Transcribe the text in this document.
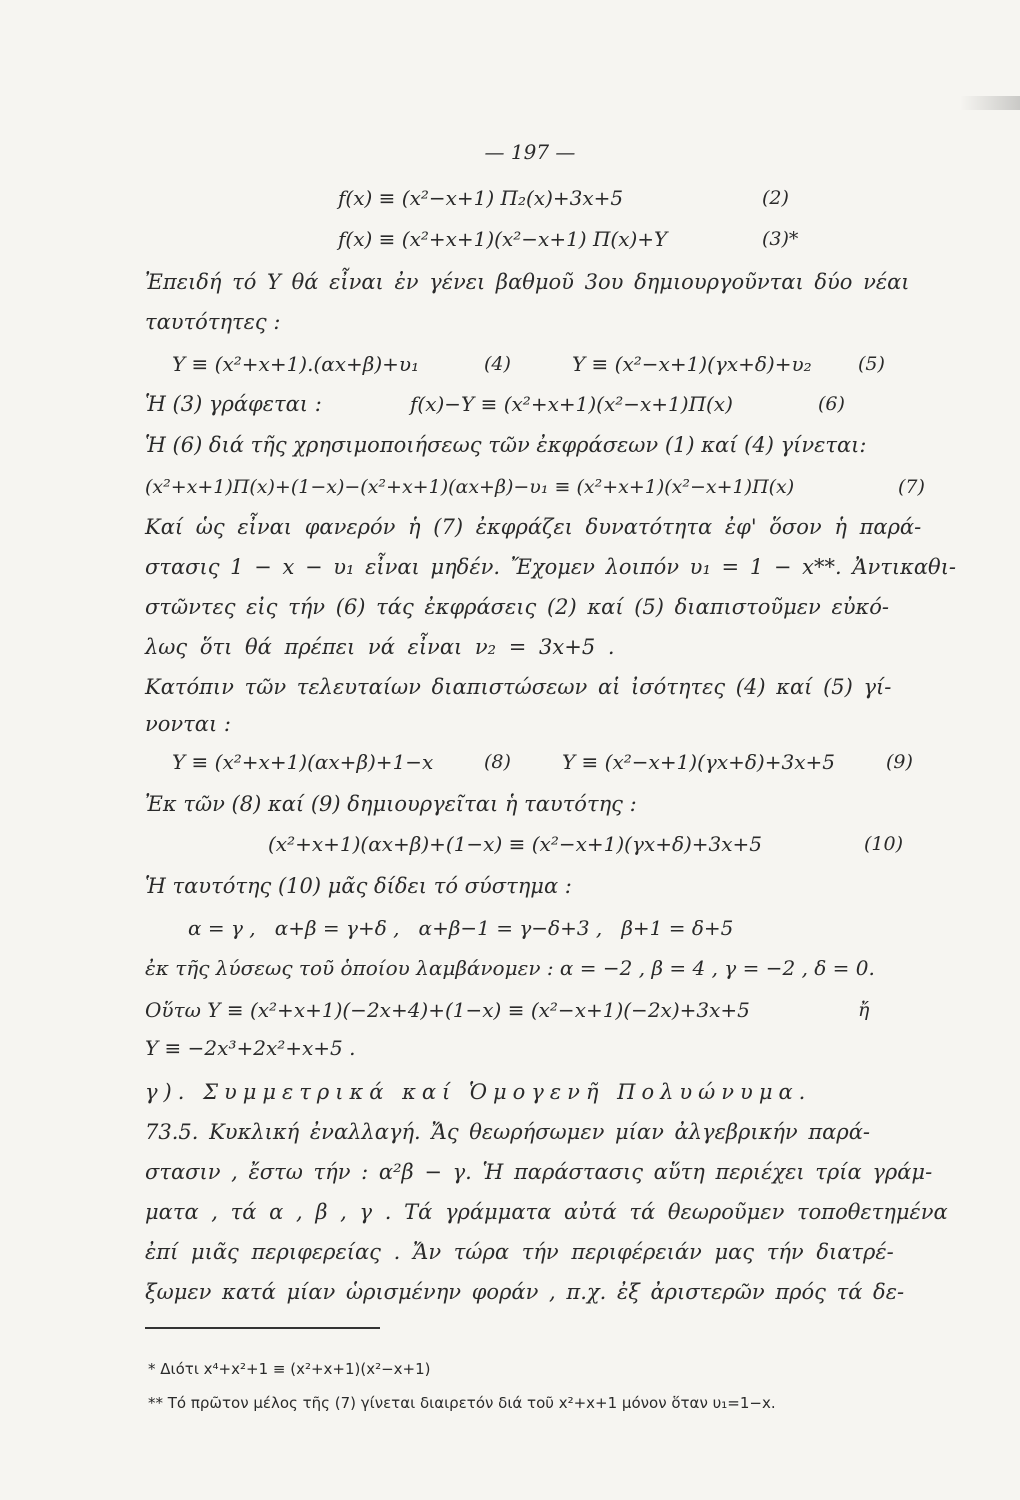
— 197 —
f(x) ≡ (x²−x+1) Π₂(x)+3x+5	(2)
f(x) ≡ (x²+x+1)(x²−x+1) Π(x)+Y	(3)*
Ἐπειδή τό Y θά εἶναι ἐν γένει βαθμοῦ 3ου δημιουργοῦνται δύο νέαι
ταυτότητες :
Y ≡ (x²+x+1).(αx+β)+υ₁	(4)	Y ≡ (x²−x+1)(γx+δ)+υ₂ (5)
Ἡ (3) γράφεται :	f(x)−Y ≡ (x²+x+1)(x²−x+1)Π(x)	(6)
Ἡ (6) διά τῆς χρησιμοποιήσεως τῶν ἐκφράσεων (1) καί (4) γίνεται:
(x²+x+1)Π(x)+(1−x)−(x²+x+1)(αx+β)−υ₁ ≡ (x²+x+1)(x²−x+1)Π(x)	(7)
Καί ὡς εἶναι φανερόν ἡ (7) ἐκφράζει δυνατότητα ἐφ' ὅσον ἡ παρά-
στασις 1 − x − υ₁ εἶναι μηδέν. Ἔχομεν λοιπόν υ₁ = 1 − x**. Ἀντικαθι-
στῶντες εἰς τήν (6) τάς ἐκφράσεις (2) καί (5) διαπιστοῦμεν εὐκό-
λως ὅτι θά πρέπει νά εἶναι ν₂ = 3x+5 .
Κατόπιν τῶν τελευταίων διαπιστώσεων αἱ ἰσότητες (4) καί (5) γί-
νονται :
Y ≡ (x²+x+1)(αx+β)+1−x	(8)	Y ≡ (x²−x+1)(γx+δ)+3x+5	(9)
Ἐκ τῶν (8) καί (9) δημιουργεῖται ἡ ταυτότης :
(x²+x+1)(αx+β)+(1−x) ≡ (x²−x+1)(γx+δ)+3x+5	(10)
Ἡ ταυτότης (10) μᾶς δίδει τό σύστημα :
α = γ ,   α+β = γ+δ ,   α+β−1 = γ−δ+3 ,   β+1 = δ+5
ἐκ τῆς λύσεως τοῦ ὁποίου λαμβάνομεν : α = −2 , β = 4 , γ = −2 , δ = 0.
Οὕτω Y ≡ (x²+x+1)(−2x+4)+(1−x) ≡ (x²−x+1)(−2x)+3x+5	ἤ
Y ≡ −2x³+2x²+x+5 .
γ). Συμμετρικά καί Ὁμογενῆ Πολυώνυμα.
73.5. Κυκλική ἐναλλαγή. Ἄς θεωρήσωμεν μίαν ἀλγεβρικήν παρά-
στασιν , ἔστω τήν : α²β − γ. Ἡ παράστασις αὕτη περιέχει τρία γράμ-
ματα , τά α , β , γ . Τά γράμματα αὐτά τά θεωροῦμεν τοποθετημένα
ἐπί μιᾶς περιφερείας . Ἄν τώρα τήν περιφέρειάν μας τήν διατρέ-
ξωμεν κατά μίαν ὡρισμένην φοράν , π.χ. ἐξ ἀριστερῶν πρός τά δε-
* Διότι x⁴+x²+1 ≡ (x²+x+1)(x²−x+1)
** Τό πρῶτον μέλος τῆς (7) γίνεται διαιρετόν διά τοῦ x²+x+1 μόνον ὅταν υ₁=1−x.
